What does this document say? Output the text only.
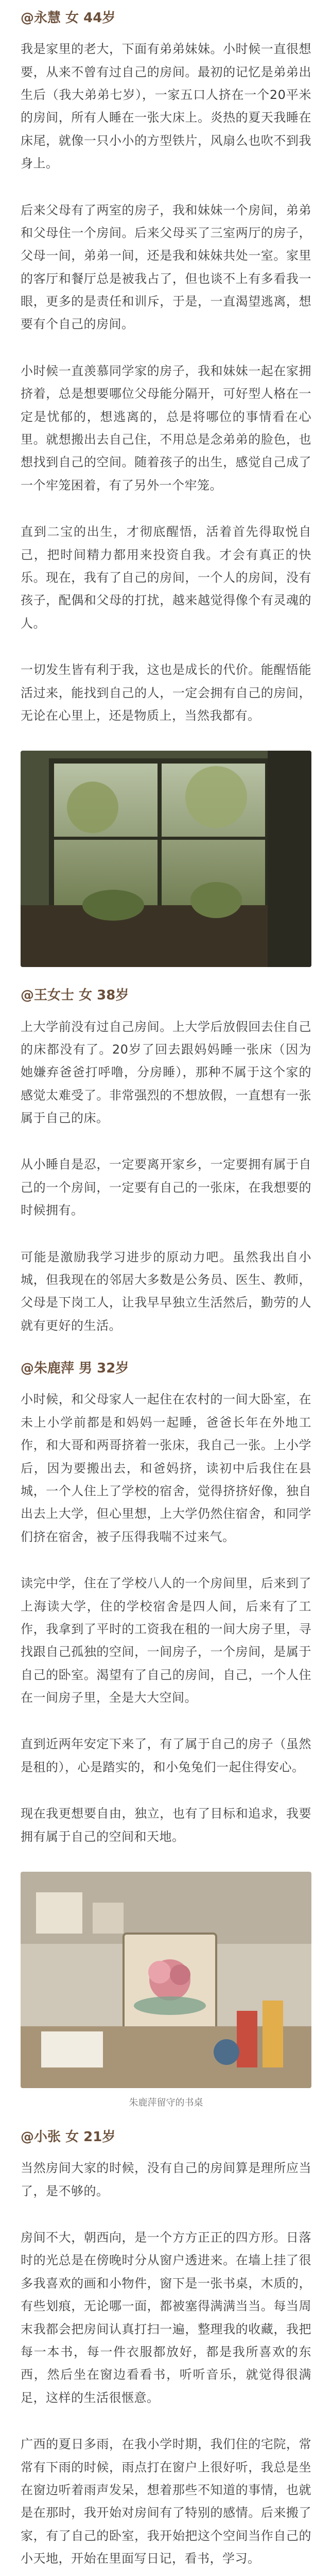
@永慧 女 44岁

我是家里的老大，下面有弟弟妹妹。小时候一直很想要，从来不曾有过自己的房间。最初的记忆是弟弟出生后（我大弟弟七岁），一家五口人挤在一个20平米的房间，所有人睡在一张大床上。炎热的夏天我睡在床尾，就像一只小小的方型铁片，风扇么也吹不到我身上。

后来父母有了两室的房子，我和妹妹一个房间，弟弟和父母住一个房间。后来父母买了三室两厅的房子，父母一间，弟弟一间，还是我和妹妹共处一室。家里的客厅和餐厅总是被我占了，但也谈不上有多看我一眼，更多的是责任和训斥，于是，一直渴望逃离，想要有个自己的房间。

小时候一直羡慕同学家的房子，我和妹妹一起在家拥挤着，总是想要哪位父母能分隔开，可好型人格在一定是忧郁的，想逃离的，总是将哪位的事情看在心里。就想搬出去自己住，不用总是念弟弟的脸色，也想找到自己的空间。随着孩子的出生，感觉自己成了一个牢笼困着，有了另外一个牢笼。

直到二宝的出生，才彻底醒悟，活着首先得取悦自己，把时间精力都用来投资自我。才会有真正的快乐。现在，我有了自己的房间，一个人的房间，没有孩子，配偶和父母的打扰，越来越觉得像个有灵魂的人。

一切发生皆有利于我，这也是成长的代价。能醒悟能活过来，能找到自己的人，一定会拥有自己的房间，无论在心里上，还是物质上，当然我都有。

@王女士 女 38岁

上大学前没有过自己房间。上大学后放假回去住自己的床都没有了。20岁了回去跟妈妈睡一张床（因为她嫌弃爸爸打呼噜，分房睡），那种不属于这个家的感觉太难受了。非常强烈的不想放假，一直想有一张属于自己的床。

从小睡自是忍，一定要离开家乡，一定要拥有属于自己的一个房间，一定要有自己的一张床，在我想要的时候拥有。

可能是激励我学习进步的原动力吧。虽然我出自小城，但我现在的邻居大多数是公务员、医生、教师，父母是下岗工人，让我早早独立生活然后，勤劳的人就有更好的生活。

@朱鹿萍 男 32岁

小时候，和父母家人一起住在农村的一间大卧室，在未上小学前都是和妈妈一起睡，爸爸长年在外地工作，和大哥和两哥挤着一张床，我自己一张。上小学后，因为要搬出去，和爸妈挤，读初中后我住在县城，一个人住上了学校的宿舍，觉得挤挤好像，独自出去上大学，但心里想，上大学仍然住宿舍，和同学们挤在宿舍，被子压得我喘不过来气。

读完中学，住在了学校八人的一个房间里，后来到了上海读大学，住的学校宿舍是四人间，后来有了工作，我拿到了平时的工资我在租的一间大房子里，寻找跟自己孤独的空间，一间房子，一个房间，是属于自己的卧室。渴望有了自己的房间，自己，一个人住在一间房子里，全是大大空间。

直到近两年安定下来了，有了属于自己的房子（虽然是租的），心是踏实的，和小兔兔们一起住得安心。

现在我更想要自由，独立，也有了目标和追求，我要拥有属于自己的空间和天地。

朱鹿萍留守的书桌
@小张 女 21岁

当然房间大家的时候，没有自己的房间算是理所应当了，是不够的。

房间不大，朝西向，是一个方方正正的四方形。日落时的光总是在傍晚时分从窗户透进来。在墙上挂了很多我喜欢的画和小物件，窗下是一张书桌，木质的，有些划痕，无论哪一面，都被塞得满满当当。每当周末我都会把房间认真打扫一遍，整理我的收藏，我把每一本书，每一件衣服都放好，都是我所喜欢的东西，然后坐在窗边看看书，听听音乐，就觉得很满足，这样的生活很惬意。

广西的夏日多雨，在我小学时期，我们住的宅院，常常有下雨的时候，雨点打在窗户上很好听，我总是坐在窗边听着雨声发呆，想着那些不知道的事情，也就是在那时，我开始对房间有了特别的感情。后来搬了家，有了自己的卧室，我开始把这个空间当作自己的小天地，开始在里面写日记，看书，学习。
